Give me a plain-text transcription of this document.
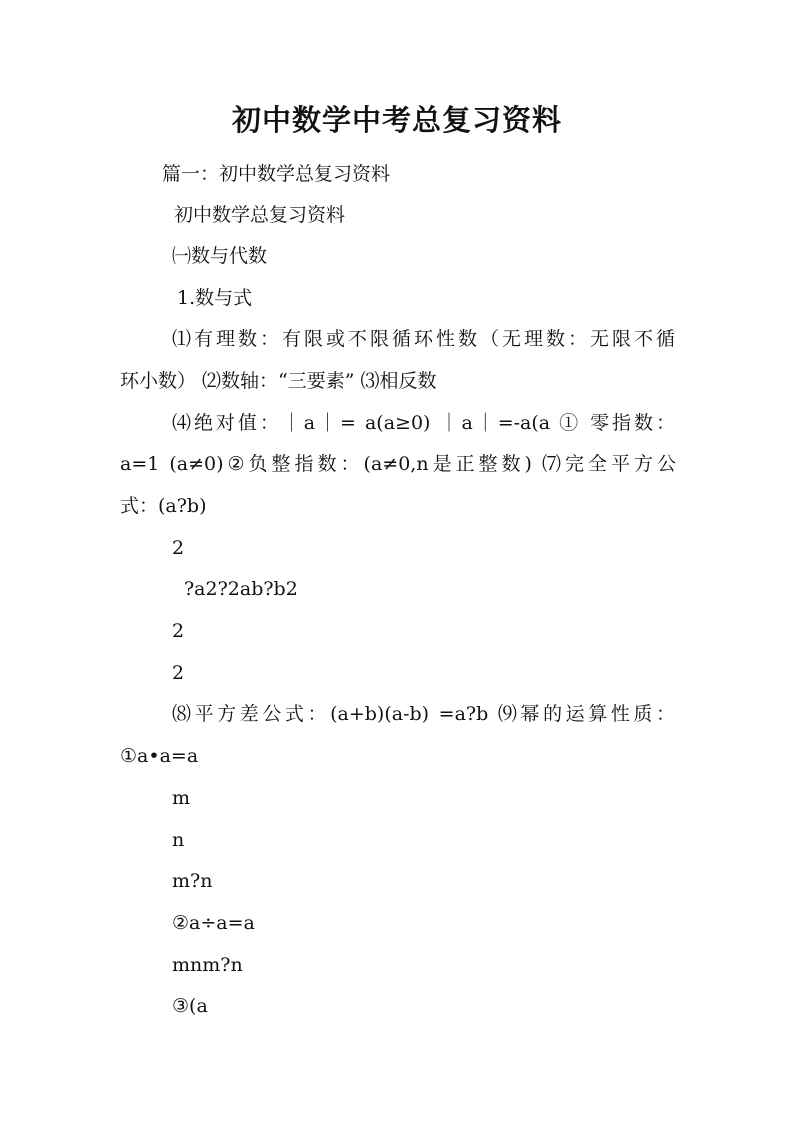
初中数学中考总复习资料
篇一：初中数学总复习资料
初中数学总复习资料
㈠数与代数
1.数与式
⑴有理数：有限或不限循环性数（无理数：无限不循
环小数） ⑵数轴：“三要素” ⑶相反数
⑷绝对值：｜a｜= a(a≥0) ｜a｜=-a(a ① 零指数：
a=1 (a≠0)②负整指数：(a≠0,n是正整数) ⑺完全平方公
式：(a?b)
2
?a2?2ab?b2
2
2
⑻平方差公式：(a+b)(a-b) =a?b ⑼幂的运算性质：
①a•a=a
m
n
m?n
②a÷a=a
mnm?n
③(a
